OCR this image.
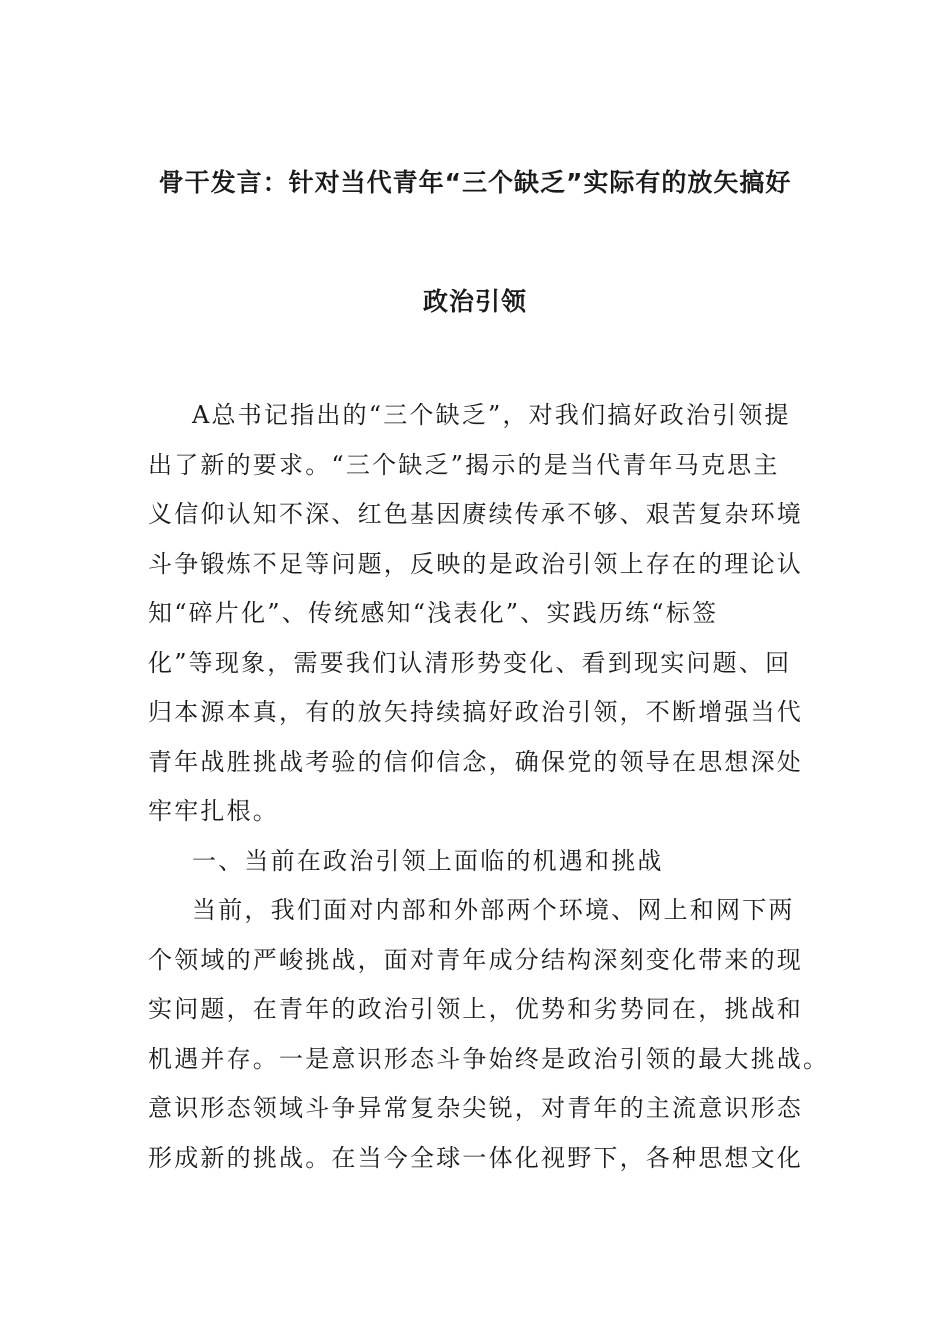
骨干发言：针对当代青年“三个缺乏”实际有的放矢搞好
政治引领
A总书记指出的“三个缺乏”，对我们搞好政治引领提
出了新的要求。“三个缺乏”揭示的是当代青年马克思主
义信仰认知不深、红色基因赓续传承不够、艰苦复杂环境
斗争锻炼不足等问题，反映的是政治引领上存在的理论认
知“碎片化”、传统感知“浅表化”、实践历练“标签
化”等现象，需要我们认清形势变化、看到现实问题、回
归本源本真，有的放矢持续搞好政治引领，不断增强当代
青年战胜挑战考验的信仰信念，确保党的领导在思想深处
牢牢扎根。
一、当前在政治引领上面临的机遇和挑战
当前，我们面对内部和外部两个环境、网上和网下两
个领域的严峻挑战，面对青年成分结构深刻变化带来的现
实问题，在青年的政治引领上，优势和劣势同在，挑战和
机遇并存。一是意识形态斗争始终是政治引领的最大挑战。
意识形态领域斗争异常复杂尖锐，对青年的主流意识形态
形成新的挑战。在当今全球一体化视野下，各种思想文化
